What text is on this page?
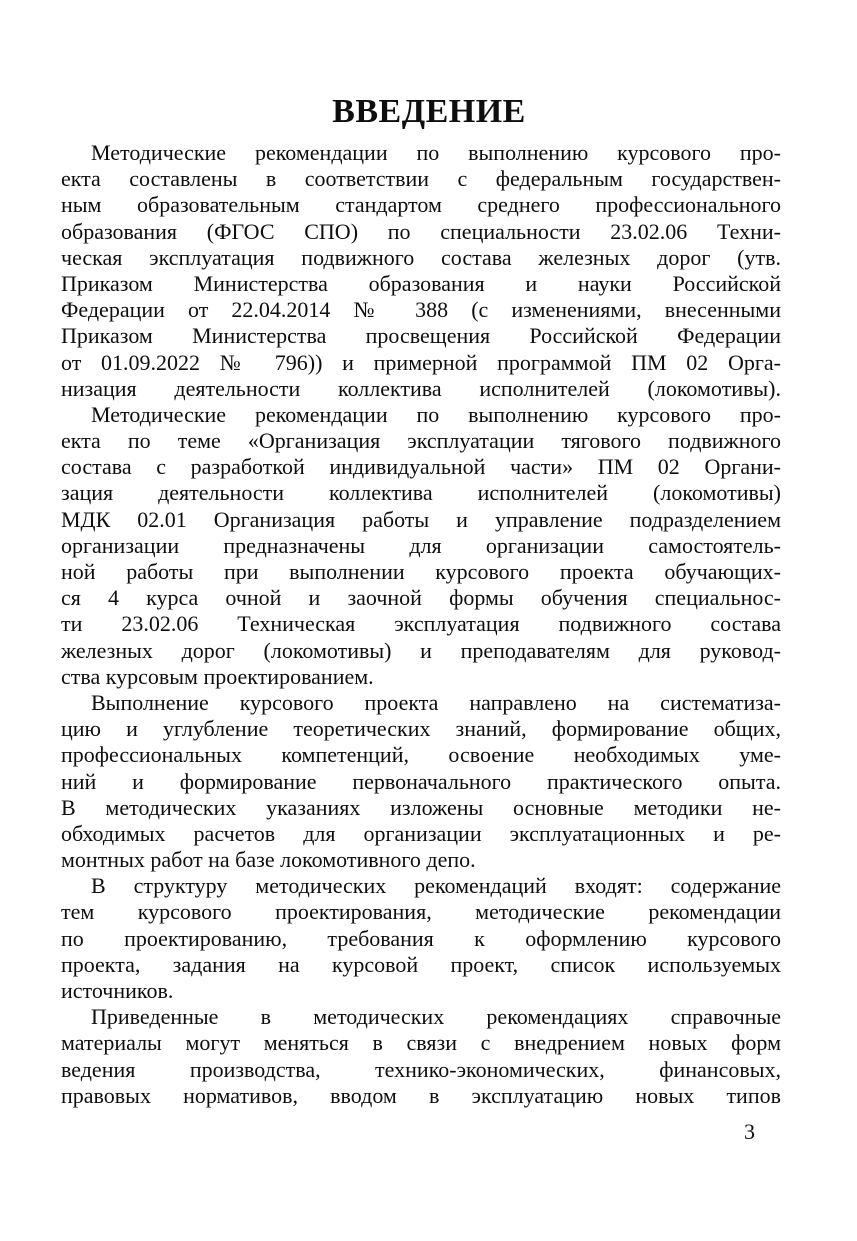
ВВЕДЕНИЕ
Методические рекомендации по выполнению курсового про-
екта составлены в соответствии с федеральным государствен-
ным образовательным стандартом среднего профессионального
образования (ФГОС СПО) по специальности 23.02.06 Техни-
ческая эксплуатация подвижного состава железных дорог (утв.
Приказом Министерства образования и науки Российской
Федерации от 22.04.2014 № 388 (с изменениями, внесенными
Приказом Министерства просвещения Российской Федерации
от 01.09.2022 № 796)) и примерной программой ПМ 02 Орга-
низация деятельности коллектива исполнителей (локомотивы).
Методические рекомендации по выполнению курсового про-
екта по теме «Организация эксплуатации тягового подвижного
состава с разработкой индивидуальной части» ПМ 02 Органи-
зация деятельности коллектива исполнителей (локомотивы)
МДК 02.01 Организация работы и управление подразделением
организации предназначены для организации самостоятель-
ной работы при выполнении курсового проекта обучающих-
ся 4 курса очной и заочной формы обучения специальнос-
ти 23.02.06 Техническая эксплуатация подвижного состава
железных дорог (локомотивы) и преподавателям для руковод-
ства курсовым проектированием.
Выполнение курсового проекта направлено на систематиза-
цию и углубление теоретических знаний, формирование общих,
профессиональных компетенций, освоение необходимых уме-
ний и формирование первоначального практического опыта.
В методических указаниях изложены основные методики не-
обходимых расчетов для организации эксплуатационных и ре-
монтных работ на базе локомотивного депо.
В структуру методических рекомендаций входят: содержание
тем курсового проектирования, методические рекомендации
по проектированию, требования к оформлению курсового
проекта, задания на курсовой проект, список используемых
источников.
Приведенные в методических рекомендациях справочные
материалы могут меняться в связи с внедрением новых форм
ведения производства, технико-экономических, финансовых,
правовых нормативов, вводом в эксплуатацию новых типов
3
